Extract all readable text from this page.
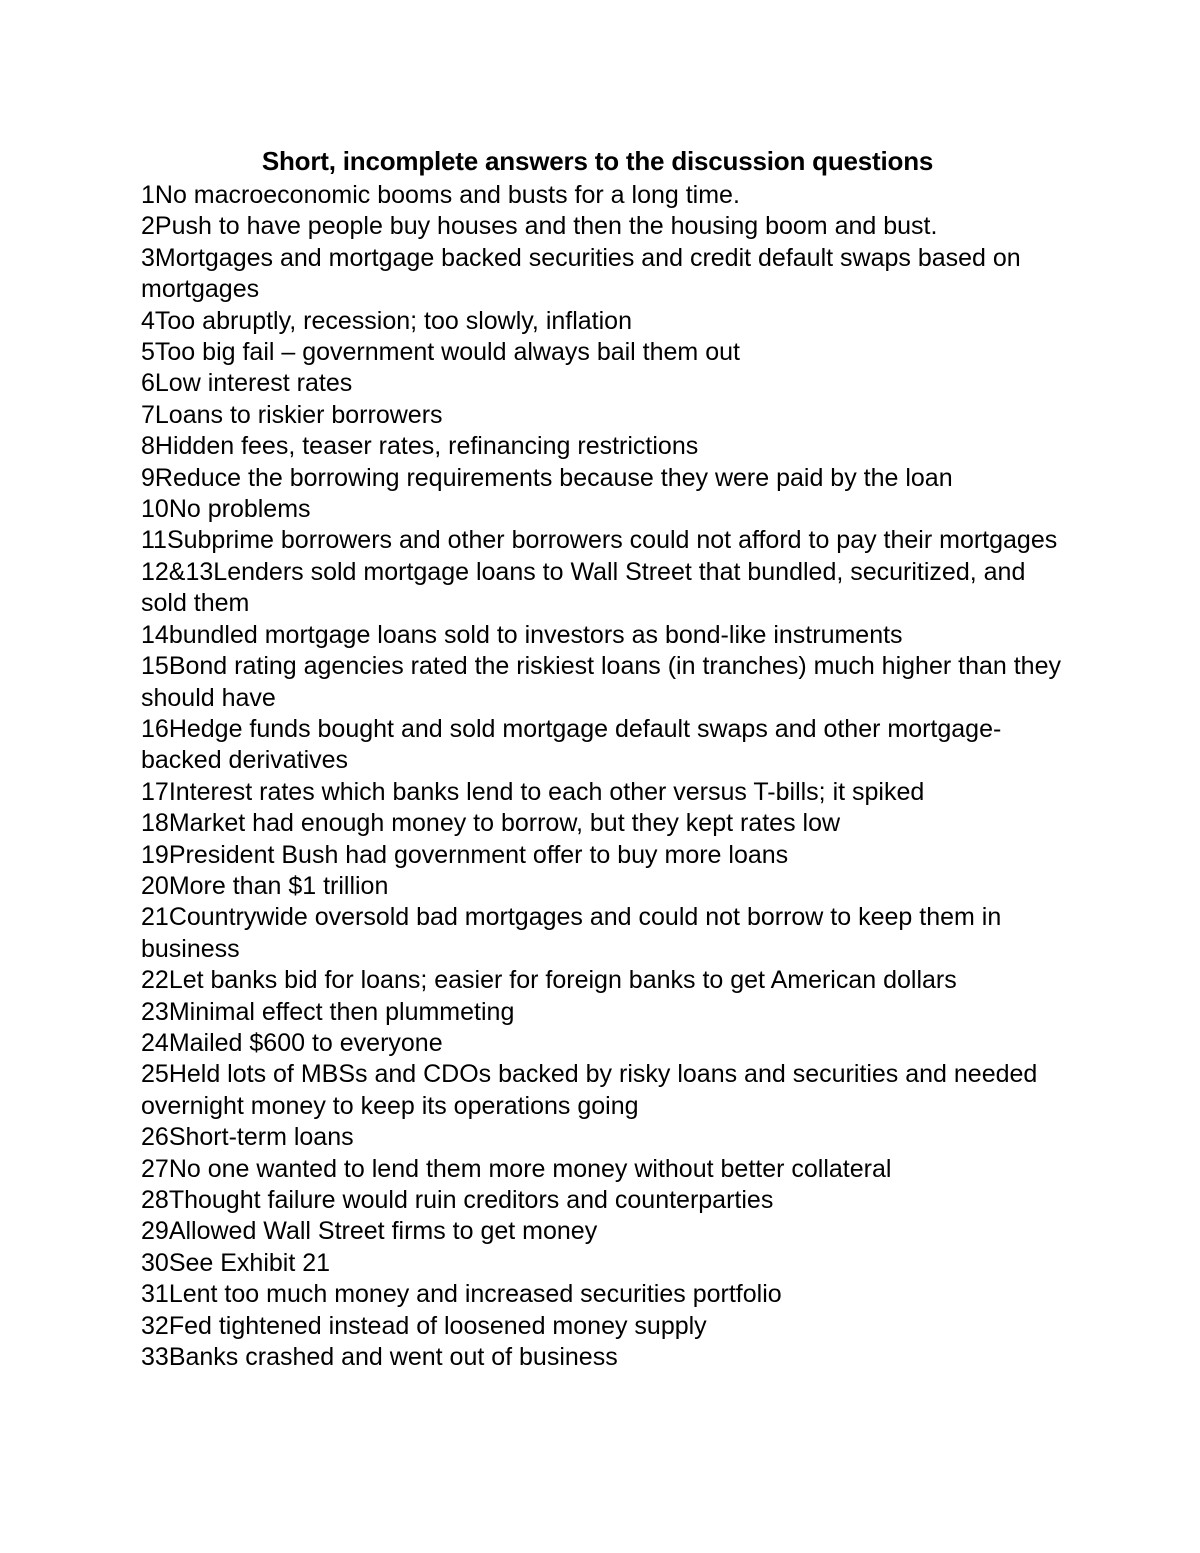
Short, incomplete answers to the discussion questions
1No macroeconomic booms and busts for a long time.
2Push to have people buy houses and then the housing boom and bust.
3Mortgages and mortgage backed securities and credit default swaps based on mortgages
4Too abruptly, recession; too slowly, inflation
5Too big fail – government would always bail them out
6Low interest rates
7Loans to riskier borrowers
8Hidden fees, teaser rates, refinancing restrictions
9Reduce the borrowing requirements because they were paid by the loan
10No problems
11Subprime borrowers and other borrowers could not afford to pay their mortgages
12&13Lenders sold mortgage loans to Wall Street that bundled, securitized, and sold them
14bundled mortgage loans sold to investors as bond-like instruments
15Bond rating agencies rated the riskiest loans (in tranches) much higher than they should have
16Hedge funds bought and sold mortgage default swaps and other mortgage-backed derivatives
17Interest rates which banks lend to each other versus T-bills; it spiked
18Market had enough money to borrow, but they kept rates low
19President Bush had government offer to buy more loans
20More than $1 trillion
21Countrywide oversold bad mortgages and could not borrow to keep them in business
22Let banks bid for loans; easier for foreign banks to get American dollars
23Minimal effect then plummeting
24Mailed $600 to everyone
25Held lots of MBSs and CDOs backed by risky loans and securities and needed overnight money to keep its operations going
26Short-term loans
27No one wanted to lend them more money without better collateral
28Thought failure would ruin creditors and counterparties
29Allowed Wall Street firms to get money
30See Exhibit 21
31Lent too much money and increased securities portfolio
32Fed tightened instead of loosened money supply
33Banks crashed and went out of business
